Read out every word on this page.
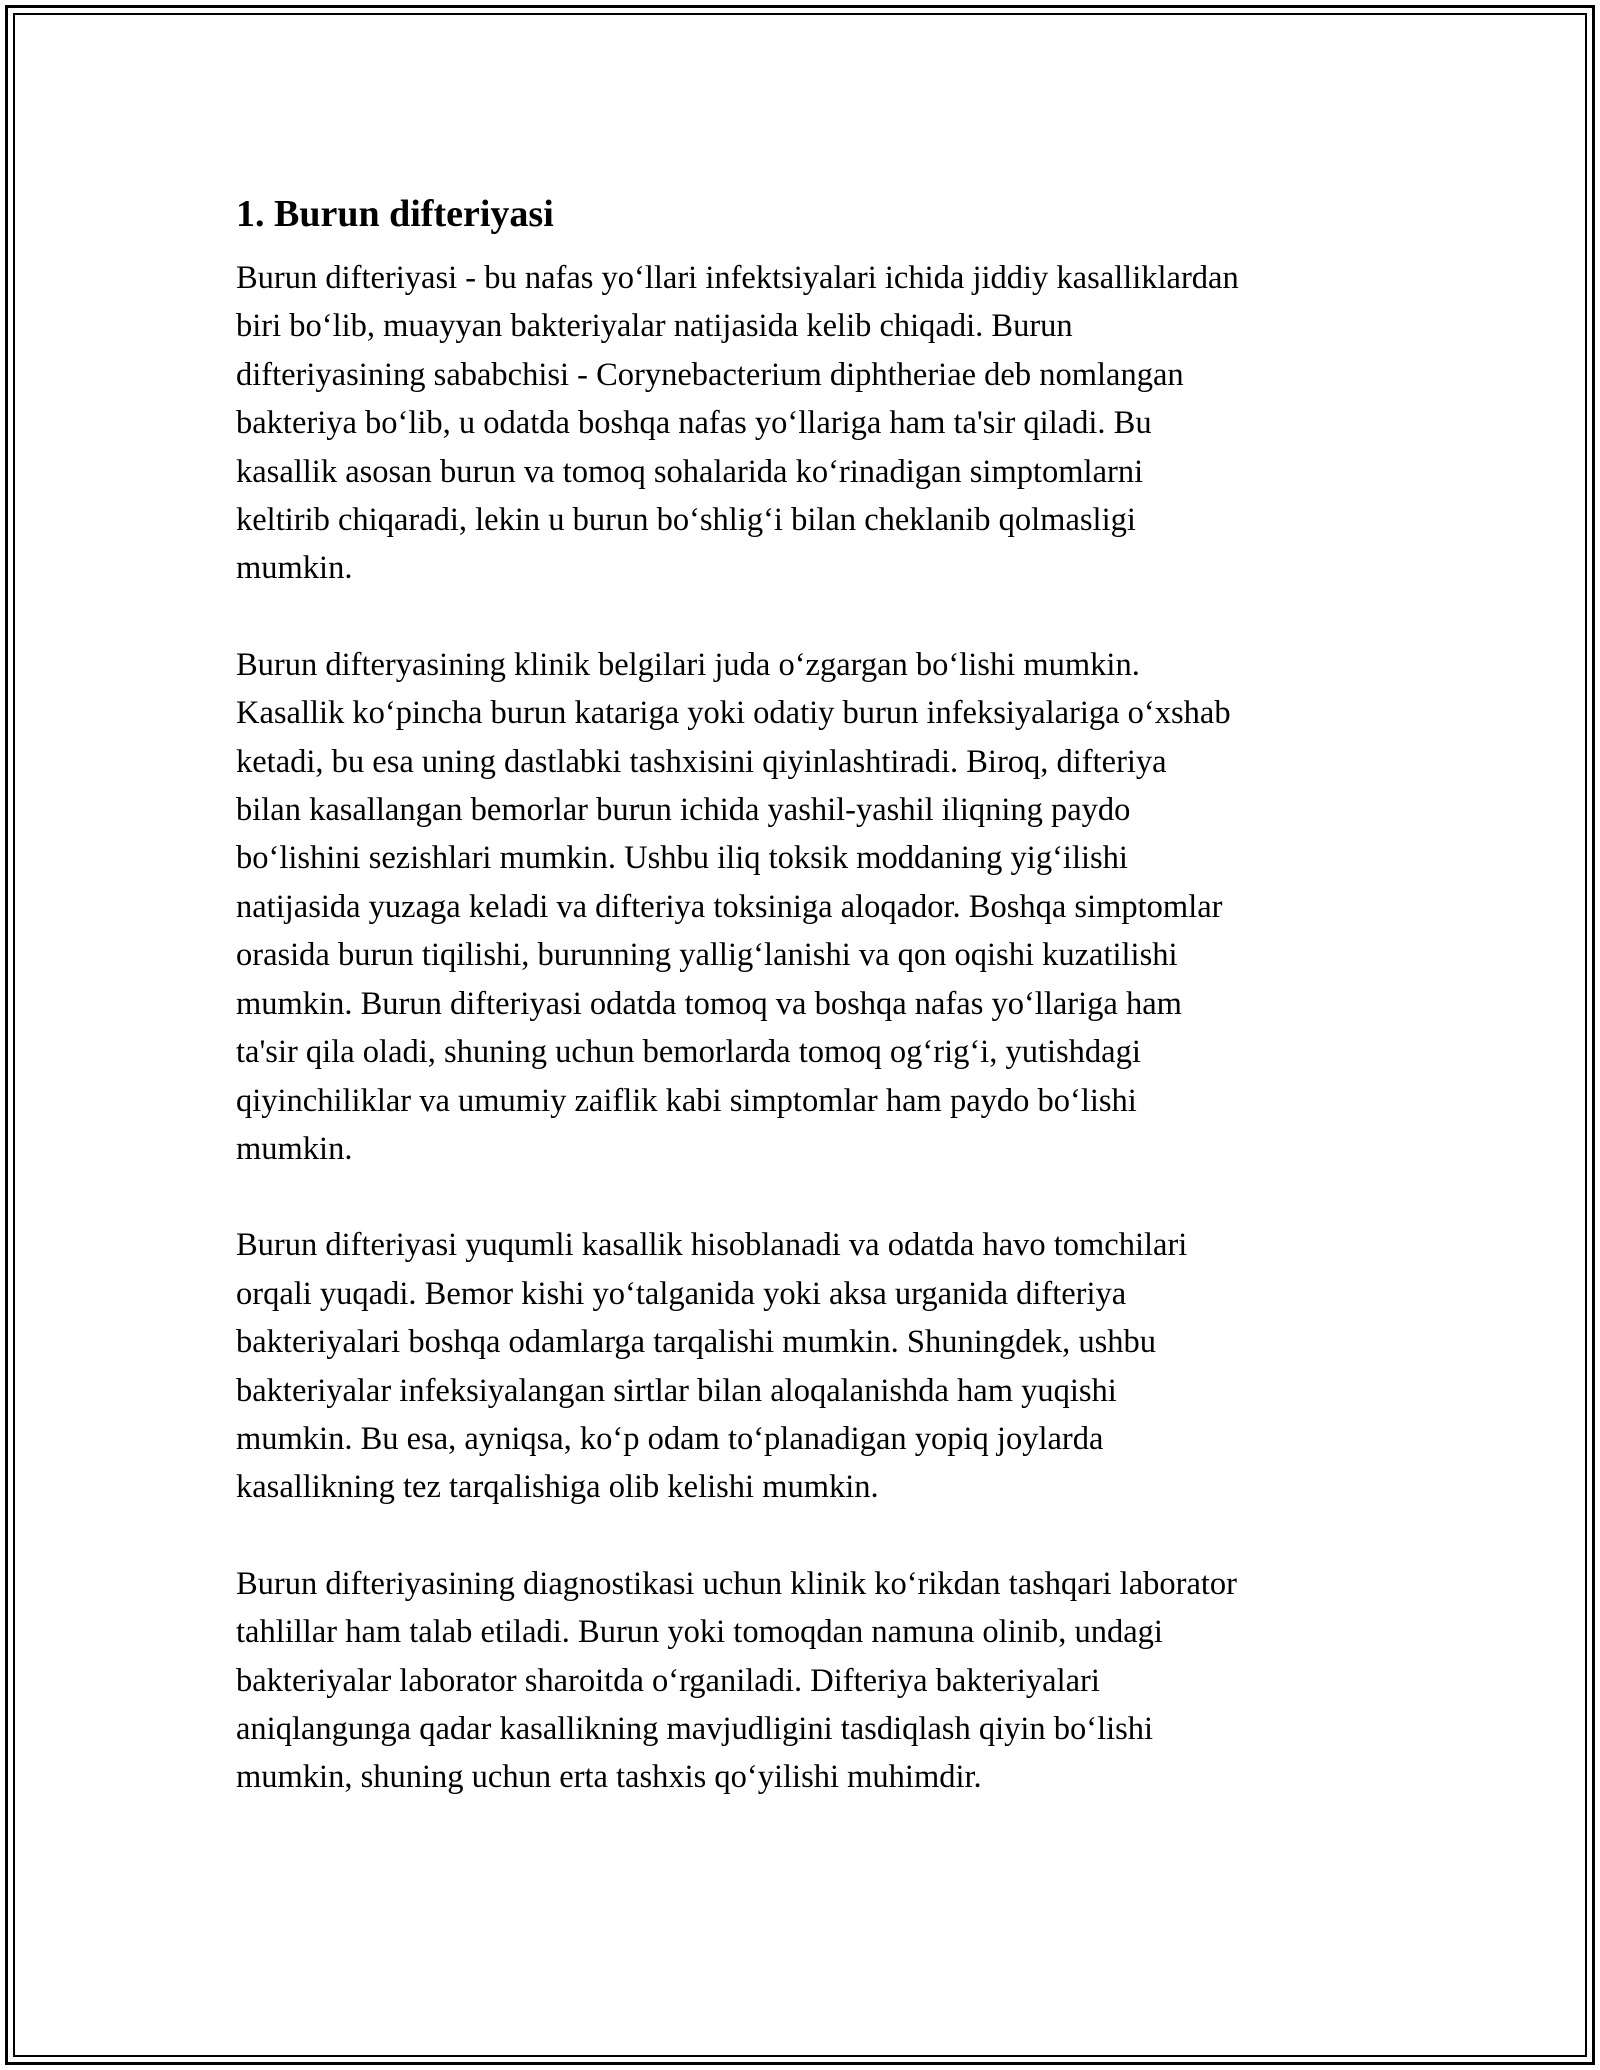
1. Burun difteriyasi

Burun difteriyasi - bu nafas yo‘llari infektsiyalari ichida jiddiy kasalliklardan
biri bo‘lib, muayyan bakteriyalar natijasida kelib chiqadi. Burun
difteriyasining sababchisi - Corynebacterium diphtheriae deb nomlangan
bakteriya bo‘lib, u odatda boshqa nafas yo‘llariga ham ta'sir qiladi. Bu
kasallik asosan burun va tomoq sohalarida ko‘rinadigan simptomlarni
keltirib chiqaradi, lekin u burun bo‘shlig‘i bilan cheklanib qolmasligi
mumkin.

Burun difteryasining klinik belgilari juda o‘zgargan bo‘lishi mumkin.
Kasallik ko‘pincha burun katariga yoki odatiy burun infeksiyalariga o‘xshab
ketadi, bu esa uning dastlabki tashxisini qiyinlashtiradi. Biroq, difteriya
bilan kasallangan bemorlar burun ichida yashil-yashil iliqning paydo
bo‘lishini sezishlari mumkin. Ushbu iliq toksik moddaning yig‘ilishi
natijasida yuzaga keladi va difteriya toksiniga aloqador. Boshqa simptomlar
orasida burun tiqilishi, burunning yallig‘lanishi va qon oqishi kuzatilishi
mumkin. Burun difteriyasi odatda tomoq va boshqa nafas yo‘llariga ham
ta'sir qila oladi, shuning uchun bemorlarda tomoq og‘rig‘i, yutishdagi
qiyinchiliklar va umumiy zaiflik kabi simptomlar ham paydo bo‘lishi
mumkin.

Burun difteriyasi yuqumli kasallik hisoblanadi va odatda havo tomchilari
orqali yuqadi. Bemor kishi yo‘talganida yoki aksa urganida difteriya
bakteriyalari boshqa odamlarga tarqalishi mumkin. Shuningdek, ushbu
bakteriyalar infeksiyalangan sirtlar bilan aloqalanishda ham yuqishi
mumkin. Bu esa, ayniqsa, ko‘p odam to‘planadigan yopiq joylarda
kasallikning tez tarqalishiga olib kelishi mumkin.

Burun difteriyasining diagnostikasi uchun klinik ko‘rikdan tashqari laborator
tahlillar ham talab etiladi. Burun yoki tomoqdan namuna olinib, undagi
bakteriyalar laborator sharoitda o‘rganiladi. Difteriya bakteriyalari
aniqlangunga qadar kasallikning mavjudligini tasdiqlash qiyin bo‘lishi
mumkin, shuning uchun erta tashxis qo‘yilishi muhimdir.
